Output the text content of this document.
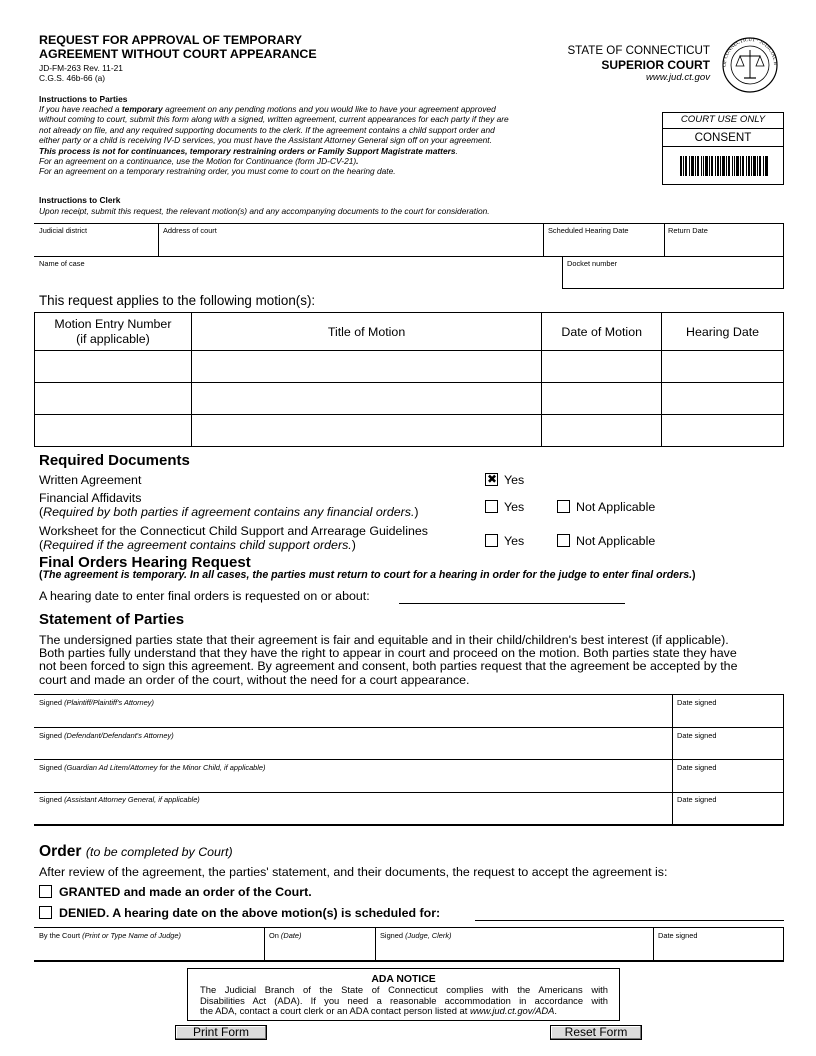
REQUEST FOR APPROVAL OF TEMPORARY
AGREEMENT WITHOUT COURT APPEARANCE
JD-FM-263 Rev. 11-21
C.G.S. 46b-66 (a)
STATE OF CONNECTICUT
SUPERIOR COURT
www.jud.ct.gov
OF CONNECTICUT · JUDICIAL B
Instructions to Parties
If you have reached a temporary agreement on any pending motions and you would like to have your agreement approved
without coming to court, submit this form along with a signed, written agreement, current appearances for each party if they are
not already on file, and any required supporting documents to the clerk. If the agreement contains a child support order and
either party or a child is receiving IV-D services, you must have the Assistant Attorney General sign off on your agreement.
This process is not for continuances, temporary restraining orders or Family Support Magistrate matters.
For an agreement on a continuance, use the Motion for Continuance (form JD-CV-21).
For an agreement on a temporary restraining order, you must come to court on the hearing date.
COURT USE ONLY
CONSENT
Instructions to Clerk
Upon receipt, submit this request, the relevant motion(s) and any accompanying documents to the court for consideration.
Judicial district	Address of court	Scheduled Hearing Date	Return Date
Name of case	Docket number
This request applies to the following motion(s):
Motion Entry Number
(if applicable)	Title of Motion	Date of Motion	Hearing Date

Required Documents
Written Agreement	✖ Yes
Financial Affidavits
(Required by both parties if agreement contains any financial orders.)	Yes	Not Applicable
Worksheet for the Connecticut Child Support and Arrearage Guidelines
(Required if the agreement contains child support orders.)	Yes	Not Applicable
Final Orders Hearing Request
(The agreement is temporary. In all cases, the parties must return to court for a hearing in order for the judge to enter final orders.)
A hearing date to enter final orders is requested on or about:
Statement of Parties
The undersigned parties state that their agreement is fair and equitable and in their child/children's best interest (if applicable).
Both parties fully understand that they have the right to appear in court and proceed on the motion. Both parties state they have
not been forced to sign this agreement. By agreement and consent, both parties request that the agreement be accepted by the
court and made an order of the court, without the need for a court appearance.
Signed (Plaintiff/Plaintiff's Attorney)	Date signed
Signed (Defendant/Defendant's Attorney)	Date signed
Signed (Guardian Ad Litem/Attorney for the Minor Child, if applicable)	Date signed
Signed (Assistant Attorney General, if applicable)	Date signed
Order (to be completed by Court)
After review of the agreement, the parties' statement, and their documents, the request to accept the agreement is:
GRANTED and made an order of the Court.
DENIED. A hearing date on the above motion(s) is scheduled for:
By the Court (Print or Type Name of Judge)	On (Date)	Signed (Judge, Clerk)	Date signed
ADA NOTICE
The Judicial Branch of the State of Connecticut complies with the Americans with
Disabilities Act (ADA). If you need a reasonable accommodation in accordance with
the ADA, contact a court clerk or an ADA contact person listed at www.jud.ct.gov/ADA.
Print Form	Reset Form
